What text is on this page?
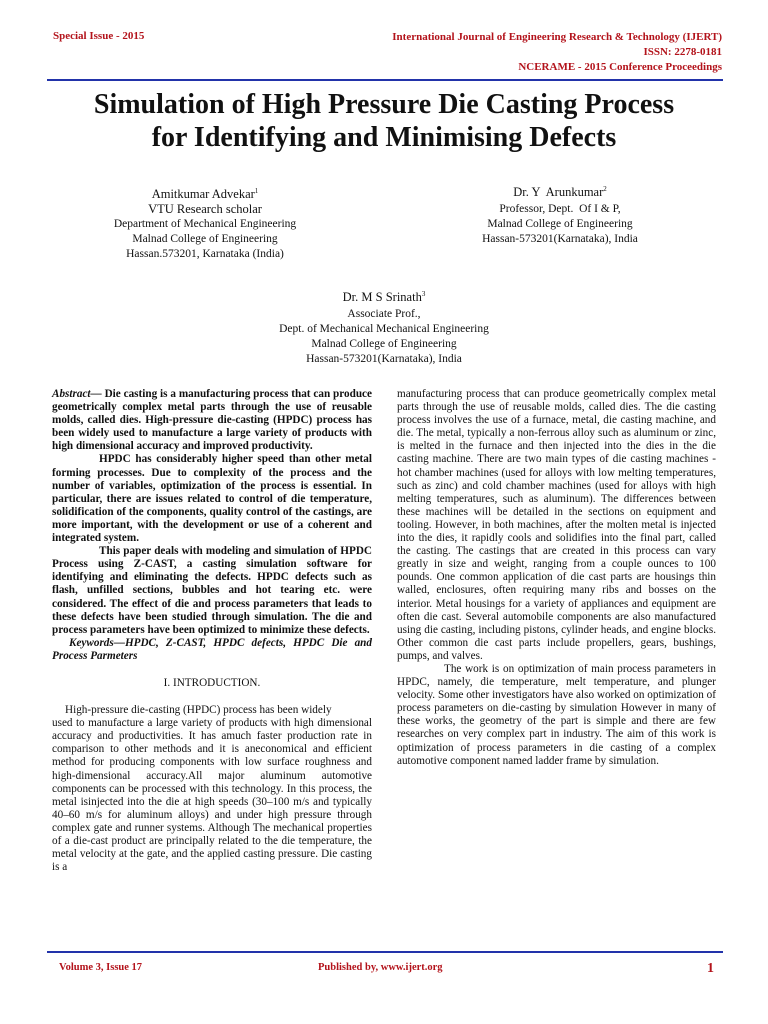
Special Issue - 2015	International Journal of Engineering Research & Technology (IJERT)
ISSN: 2278-0181
NCERAME - 2015 Conference Proceedings
Simulation of High Pressure Die Casting Process
for Identifying and Minimising Defects
Amitkumar Advekar$^1$
VTU Research scholar
Department of Mechanical Engineering
Malnad College of Engineering
Hassan.573201, Karnataka (India)
Dr. Y  Arunkumar$^2$
Professor, Dept.  Of I & P,
Malnad College of Engineering
Hassan-573201(Karnataka), India
Dr. M S Srinath$^3$
Associate Prof.,
Dept. of Mechanical Mechanical Engineering
Malnad College of Engineering
Hassan-573201(Karnataka), India

Abstract— Die casting is a manufacturing process that can produce geometrically complex metal parts through the use of reusable molds, called dies. High-pressure die-casting (HPDC) process has been widely used to manufacture a large variety of products with high dimensional accuracy and improved productivity.

HPDC has considerably higher speed than other metal forming processes. Due to complexity of the process and the number of variables, optimization of the process is essential. In particular, there are issues related to control of die temperature, solidification of the components, quality control of the castings, are more important, with the development or use of a coherent and integrated system.

This paper deals with modeling and simulation of HPDC Process using Z-CAST, a casting simulation software for identifying and eliminating the defects. HPDC defects such as flash, unfilled sections, bubbles and hot tearing etc. were considered. The effect of die and process parameters that leads to these defects have been studied through simulation. The die and process parameters have been optimized to minimize these defects.

Keywords—HPDC, Z-CAST, HPDC defects, HPDC Die and Process Parmeters

I. INTRODUCTION.

High-pressure die-casting (HPDC) process has been widely

used to manufacture a large variety of products with high dimensional accuracy and productivities. It has amuch faster production rate in comparison to other methods and it is aneconomical and efficient method for producing components with low surface roughness and high-dimensional accuracy.All major aluminum automotive components can be processed with this technology. In this process, the metal isinjected into the die at high speeds (30–100 m/s and typically 40–60 m/s for aluminum alloys) and under high pressure through complex gate and runner systems. Although The mechanical properties of a die-cast product are principally related to the die temperature, the metal velocity at the gate, and the applied casting pressure. Die casting is a

manufacturing process that can produce geometrically complex metal parts through the use of reusable molds, called dies. The die casting process involves the use of a furnace, metal, die casting machine, and die. The metal, typically a non-ferrous alloy such as aluminum or zinc, is melted in the furnace and then injected into the dies in the die casting machine. There are two main types of die casting machines - hot chamber machines (used for alloys with low melting temperatures, such as zinc) and cold chamber machines (used for alloys with high melting temperatures, such as aluminum). The differences between these machines will be detailed in the sections on equipment and tooling. However, in both machines, after the molten metal is injected into the dies, it rapidly cools and solidifies into the final part, called the casting. The castings that are created in this process can vary greatly in size and weight, ranging from a couple ounces to 100 pounds. One common application of die cast parts are housings thin walled, enclosures, often requiring many ribs and bosses on the interior. Metal housings for a variety of appliances and equipment are often die cast. Several automobile components are also manufactured using die casting, including pistons, cylinder heads, and engine blocks. Other common die cast parts include propellers, gears, bushings, pumps, and valves.

The work is on optimization of main process parameters in HPDC, namely, die temperature, melt temperature, and plunger velocity. Some other investigators have also worked on optimization of process parameters on die-casting by simulation However in many of these works, the geometry of the part is simple and there are few researches on very complex part in industry. The aim of this work is optimization of process parameters in die casting of a complex automotive component named ladder frame by simulation.

Volume 3, Issue 17	Published by, www.ijert.org	1
